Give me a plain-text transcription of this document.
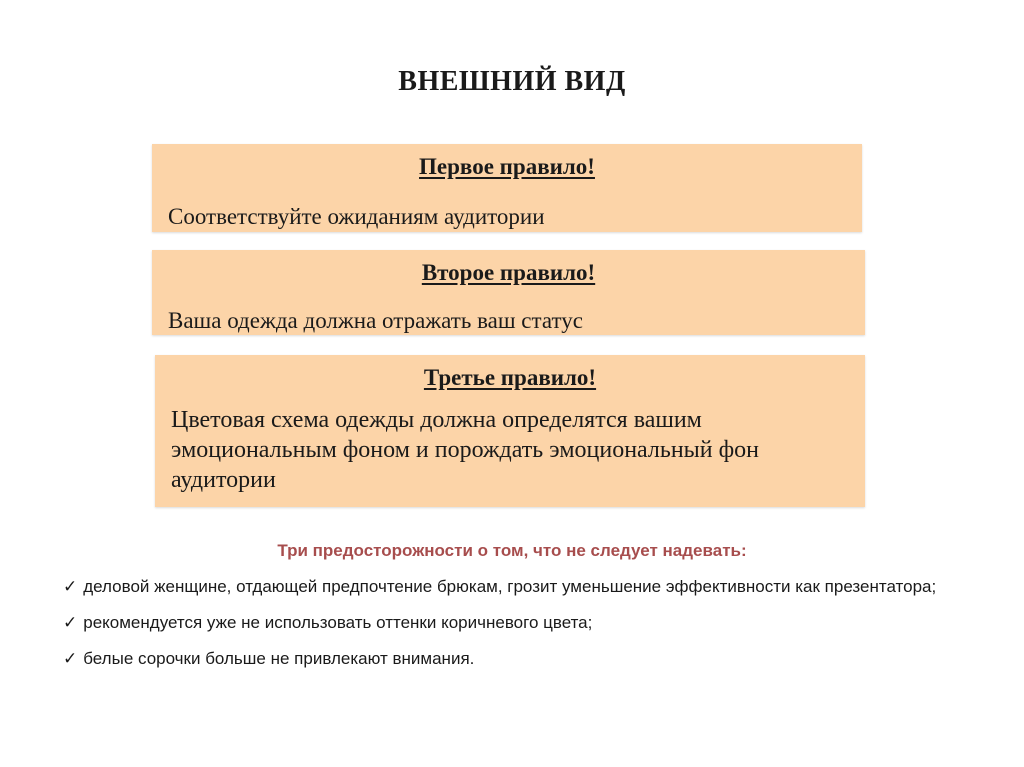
ВНЕШНИЙ ВИД

Первое правило!

Соответствуйте ожиданиям аудитории

Второе правило!

Ваша одежда должна отражать ваш статус

Третье правило!

Цветовая схема одежды должна определятся вашим эмоциональным фоном и порождать эмоциональный фон аудитории

Три предосторожности о том, что не следует надевать:
✓ деловой женщине, отдающей предпочтение брюкам, грозит уменьшение эффективности как презентатора;
✓ рекомендуется уже не использовать оттенки коричневого цвета;
✓ белые сорочки больше не привлекают внимания.
